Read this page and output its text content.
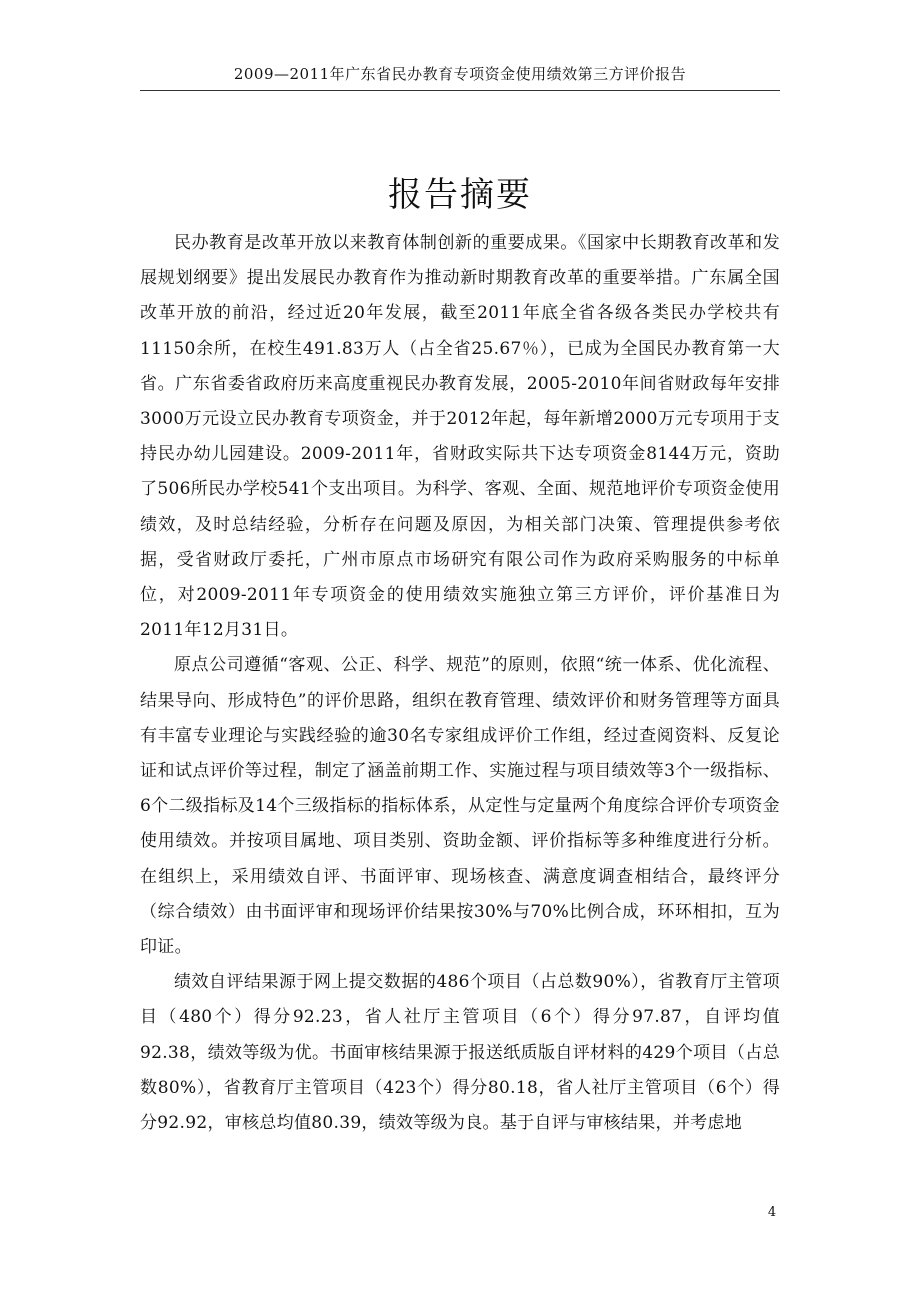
2009—2011年广东省民办教育专项资金使用绩效第三方评价报告
报告摘要

民办教育是改革开放以来教育体制创新的重要成果。《国家中长期教育改革和发展规划纲要》提出发展民办教育作为推动新时期教育改革的重要举措。广东属全国改革开放的前沿，经过近20年发展，截至2011年底全省各级各类民办学校共有11150余所，在校生491.83万人（占全省25.67％），已成为全国民办教育第一大省。广东省委省政府历来高度重视民办教育发展，2005-2010年间省财政每年安排3000万元设立民办教育专项资金，并于2012年起，每年新增2000万元专项用于支持民办幼儿园建设。2009-2011年，省财政实际共下达专项资金8144万元，资助了506所民办学校541个支出项目。为科学、客观、全面、规范地评价专项资金使用绩效，及时总结经验，分析存在问题及原因，为相关部门决策、管理提供参考依据，受省财政厅委托，广州市原点市场研究有限公司作为政府采购服务的中标单位，对2009-2011年专项资金的使用绩效实施独立第三方评价，评价基准日为2011年12月31日。

原点公司遵循“客观、公正、科学、规范”的原则，依照“统一体系、优化流程、结果导向、形成特色”的评价思路，组织在教育管理、绩效评价和财务管理等方面具有丰富专业理论与实践经验的逾30名专家组成评价工作组，经过查阅资料、反复论证和试点评价等过程，制定了涵盖前期工作、实施过程与项目绩效等3个一级指标、6个二级指标及14个三级指标的指标体系，从定性与定量两个角度综合评价专项资金使用绩效。并按项目属地、项目类别、资助金额、评价指标等多种维度进行分析。在组织上，采用绩效自评、书面评审、现场核查、满意度调查相结合，最终评分（综合绩效）由书面评审和现场评价结果按30%与70%比例合成，环环相扣，互为印证。

绩效自评结果源于网上提交数据的486个项目（占总数90%），省教育厅主管项目（480个）得分92.23，省人社厅主管项目（6个）得分97.87，自评均值92.38，绩效等级为优。书面审核结果源于报送纸质版自评材料的429个项目（占总数80%），省教育厅主管项目（423个）得分80.18，省人社厅主管项目（6个）得分92.92，审核总均值80.39，绩效等级为良。基于自评与审核结果，并考虑地

4
